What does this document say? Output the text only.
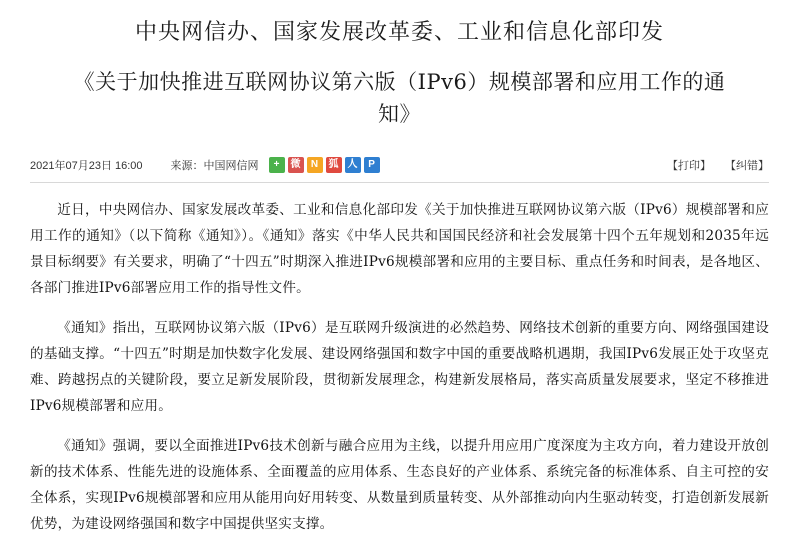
中央网信办、国家发展改革委、工业和信息化部印发
《关于加快推进互联网协议第六版（IPv6）规模部署和应用工作的通知》
2021年07月23日 16:00	来源： 中国网信网	+	微	N	狐 人	P	【打印】 【纠错】

近日，中央网信办、国家发展改革委、工业和信息化部印发《关于加快推进互联网协议第六版（IPv6）规模部署和应用工作的通知》（以下简称《通知》）。《通知》落实《中华人民共和国国民经济和社会发展第十四个五年规划和2035年远景目标纲要》有关要求，明确了“十四五”时期深入推进IPv6规模部署和应用的主要目标、重点任务和时间表，是各地区、各部门推进IPv6部署应用工作的指导性文件。

《通知》指出，互联网协议第六版（IPv6）是互联网升级演进的必然趋势、网络技术创新的重要方向、网络强国建设的基础支撑。“十四五”时期是加快数字化发展、建设网络强国和数字中国的重要战略机遇期，我国IPv6发展正处于攻坚克难、跨越拐点的关键阶段，要立足新发展阶段，贯彻新发展理念，构建新发展格局，落实高质量发展要求，坚定不移推进IPv6规模部署和应用。

《通知》强调，要以全面推进IPv6技术创新与融合应用为主线，以提升用应用广度深度为主攻方向，着力建设开放创新的技术体系、性能先进的设施体系、全面覆盖的应用体系、生态良好的产业体系、系统完备的标准体系、自主可控的安全体系，实现IPv6规模部署和应用从能用向好用转变、从数量到质量转变、从外部推动向内生驱动转变，打造创新发展新优势，为建设网络强国和数字中国提供坚实支撑。
